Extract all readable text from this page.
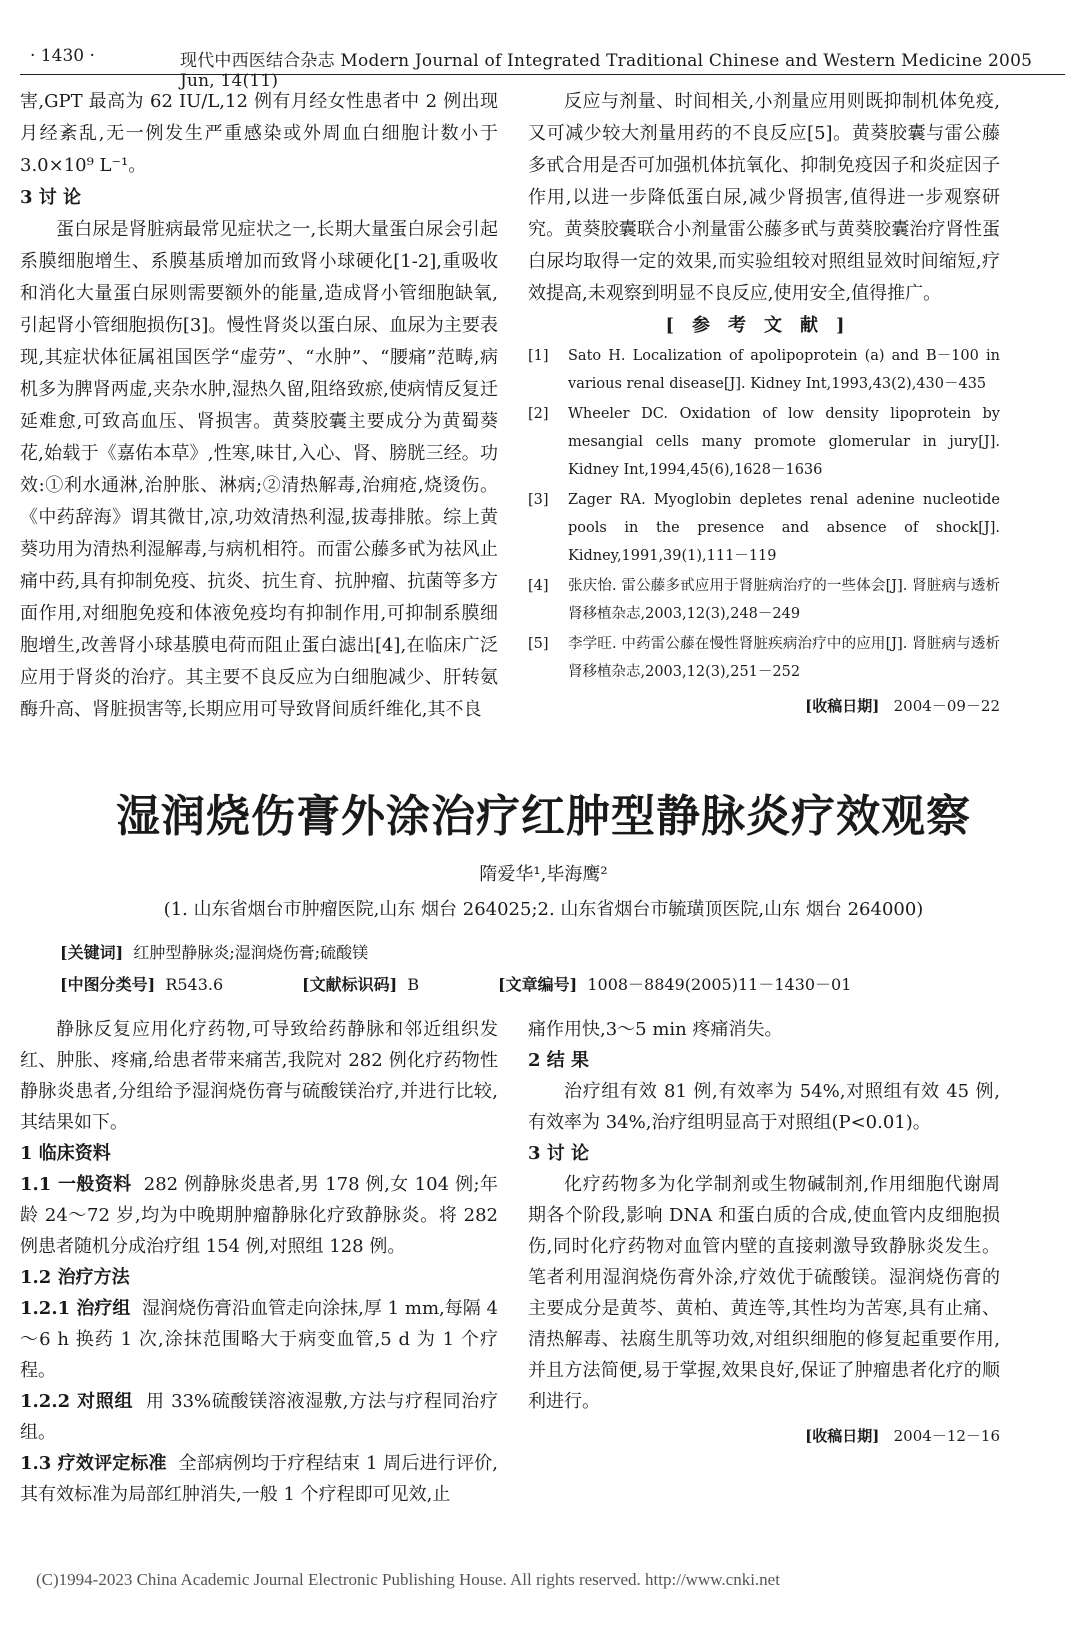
· 1430 ·	现代中西医结合杂志 Modern Journal of Integrated Traditional Chinese and Western Medicine 2005 Jun, 14(11)

害,GPT 最高为 62 IU/L,12 例有月经女性患者中 2 例出现月经紊乱,无一例发生严重感染或外周血白细胞计数小于 3.0×10⁹ L⁻¹。

3 讨 论

蛋白尿是肾脏病最常见症状之一,长期大量蛋白尿会引起系膜细胞增生、系膜基质增加而致肾小球硬化[1-2],重吸收和消化大量蛋白尿则需要额外的能量,造成肾小管细胞缺氧,引起肾小管细胞损伤[3]。慢性肾炎以蛋白尿、血尿为主要表现,其症状体征属祖国医学“虚劳”、“水肿”、“腰痛”范畴,病机多为脾肾两虚,夹杂水肿,湿热久留,阻络致瘀,使病情反复迁延难愈,可致高血压、肾损害。黄葵胶囊主要成分为黄蜀葵花,始载于《嘉佑本草》,性寒,味甘,入心、肾、膀胱三经。功效:①利水通淋,治肿胀、淋病;②清热解毒,治痈疮,烧烫伤。《中药辞海》谓其微甘,凉,功效清热利湿,拔毒排脓。综上黄葵功用为清热利湿解毒,与病机相符。而雷公藤多甙为祛风止痛中药,具有抑制免疫、抗炎、抗生育、抗肿瘤、抗菌等多方面作用,对细胞免疫和体液免疫均有抑制作用,可抑制系膜细胞增生,改善肾小球基膜电荷而阻止蛋白滤出[4],在临床广泛应用于肾炎的治疗。其主要不良反应为白细胞减少、肝转氨酶升高、肾脏损害等,长期应用可导致肾间质纤维化,其不良

反应与剂量、时间相关,小剂量应用则既抑制机体免疫,又可减少较大剂量用药的不良反应[5]。黄葵胶囊与雷公藤多甙合用是否可加强机体抗氧化、抑制免疫因子和炎症因子作用,以进一步降低蛋白尿,减少肾损害,值得进一步观察研究。黄葵胶囊联合小剂量雷公藤多甙与黄葵胶囊治疗肾性蛋白尿均取得一定的效果,而实验组较对照组显效时间缩短,疗效提高,未观察到明显不良反应,使用安全,值得推广。

[参考文献]

[1]	Sato H. Localization of apolipoprotein (a) and B－100 in various renal disease[J]. Kidney Int,1993,43(2),430－435
[2]	Wheeler DC. Oxidation of low density lipoprotein by mesangial cells many promote glomerular in jury[J]. Kidney Int,1994,45(6),1628－1636
[3]	Zager RA. Myoglobin depletes renal adenine nucleotide pools in the presence and absence of shock[J]. Kidney,1991,39(1),111－119
[4]	张庆怡. 雷公藤多甙应用于肾脏病治疗的一些体会[J]. 肾脏病与透析肾移植杂志,2003,12(3),248－249
[5]	李学旺. 中药雷公藤在慢性肾脏疾病治疗中的应用[J]. 肾脏病与透析肾移植杂志,2003,12(3),251－252
[收稿日期] 2004－09－22
湿润烧伤膏外涂治疗红肿型静脉炎疗效观察
隋爱华¹,毕海鹰²
(1. 山东省烟台市肿瘤医院,山东 烟台 264025;2. 山东省烟台市毓璜顶医院,山东 烟台 264000)
[关键词] 红肿型静脉炎;湿润烧伤膏;硫酸镁
[中图分类号] R543.6	[文献标识码] B	[文章编号] 1008－8849(2005)11－1430－01

静脉反复应用化疗药物,可导致给药静脉和邻近组织发红、肿胀、疼痛,给患者带来痛苦,我院对 282 例化疗药物性静脉炎患者,分组给予湿润烧伤膏与硫酸镁治疗,并进行比较,其结果如下。

1 临床资料

1.1 一般资料 282 例静脉炎患者,男 178 例,女 104 例;年龄 24～72 岁,均为中晚期肿瘤静脉化疗致静脉炎。将 282 例患者随机分成治疗组 154 例,对照组 128 例。

1.2 治疗方法

1.2.1 治疗组 湿润烧伤膏沿血管走向涂抹,厚 1 mm,每隔 4～6 h 换药 1 次,涂抹范围略大于病变血管,5 d 为 1 个疗程。

1.2.2 对照组 用 33%硫酸镁溶液湿敷,方法与疗程同治疗组。

1.3 疗效评定标准 全部病例均于疗程结束 1 周后进行评价,其有效标准为局部红肿消失,一般 1 个疗程即可见效,止

痛作用快,3～5 min 疼痛消失。

2 结 果

治疗组有效 81 例,有效率为 54%,对照组有效 45 例,有效率为 34%,治疗组明显高于对照组(P<0.01)。

3 讨 论

化疗药物多为化学制剂或生物碱制剂,作用细胞代谢周期各个阶段,影响 DNA 和蛋白质的合成,使血管内皮细胞损伤,同时化疗药物对血管内壁的直接刺激导致静脉炎发生。笔者利用湿润烧伤膏外涂,疗效优于硫酸镁。湿润烧伤膏的主要成分是黄芩、黄柏、黄连等,其性均为苦寒,具有止痛、清热解毒、祛腐生肌等功效,对组织细胞的修复起重要作用,并且方法简便,易于掌握,效果良好,保证了肿瘤患者化疗的顺利进行。

[收稿日期] 2004－12－16
(C)1994-2023 China Academic Journal Electronic Publishing House. All rights reserved. http://www.cnki.net
